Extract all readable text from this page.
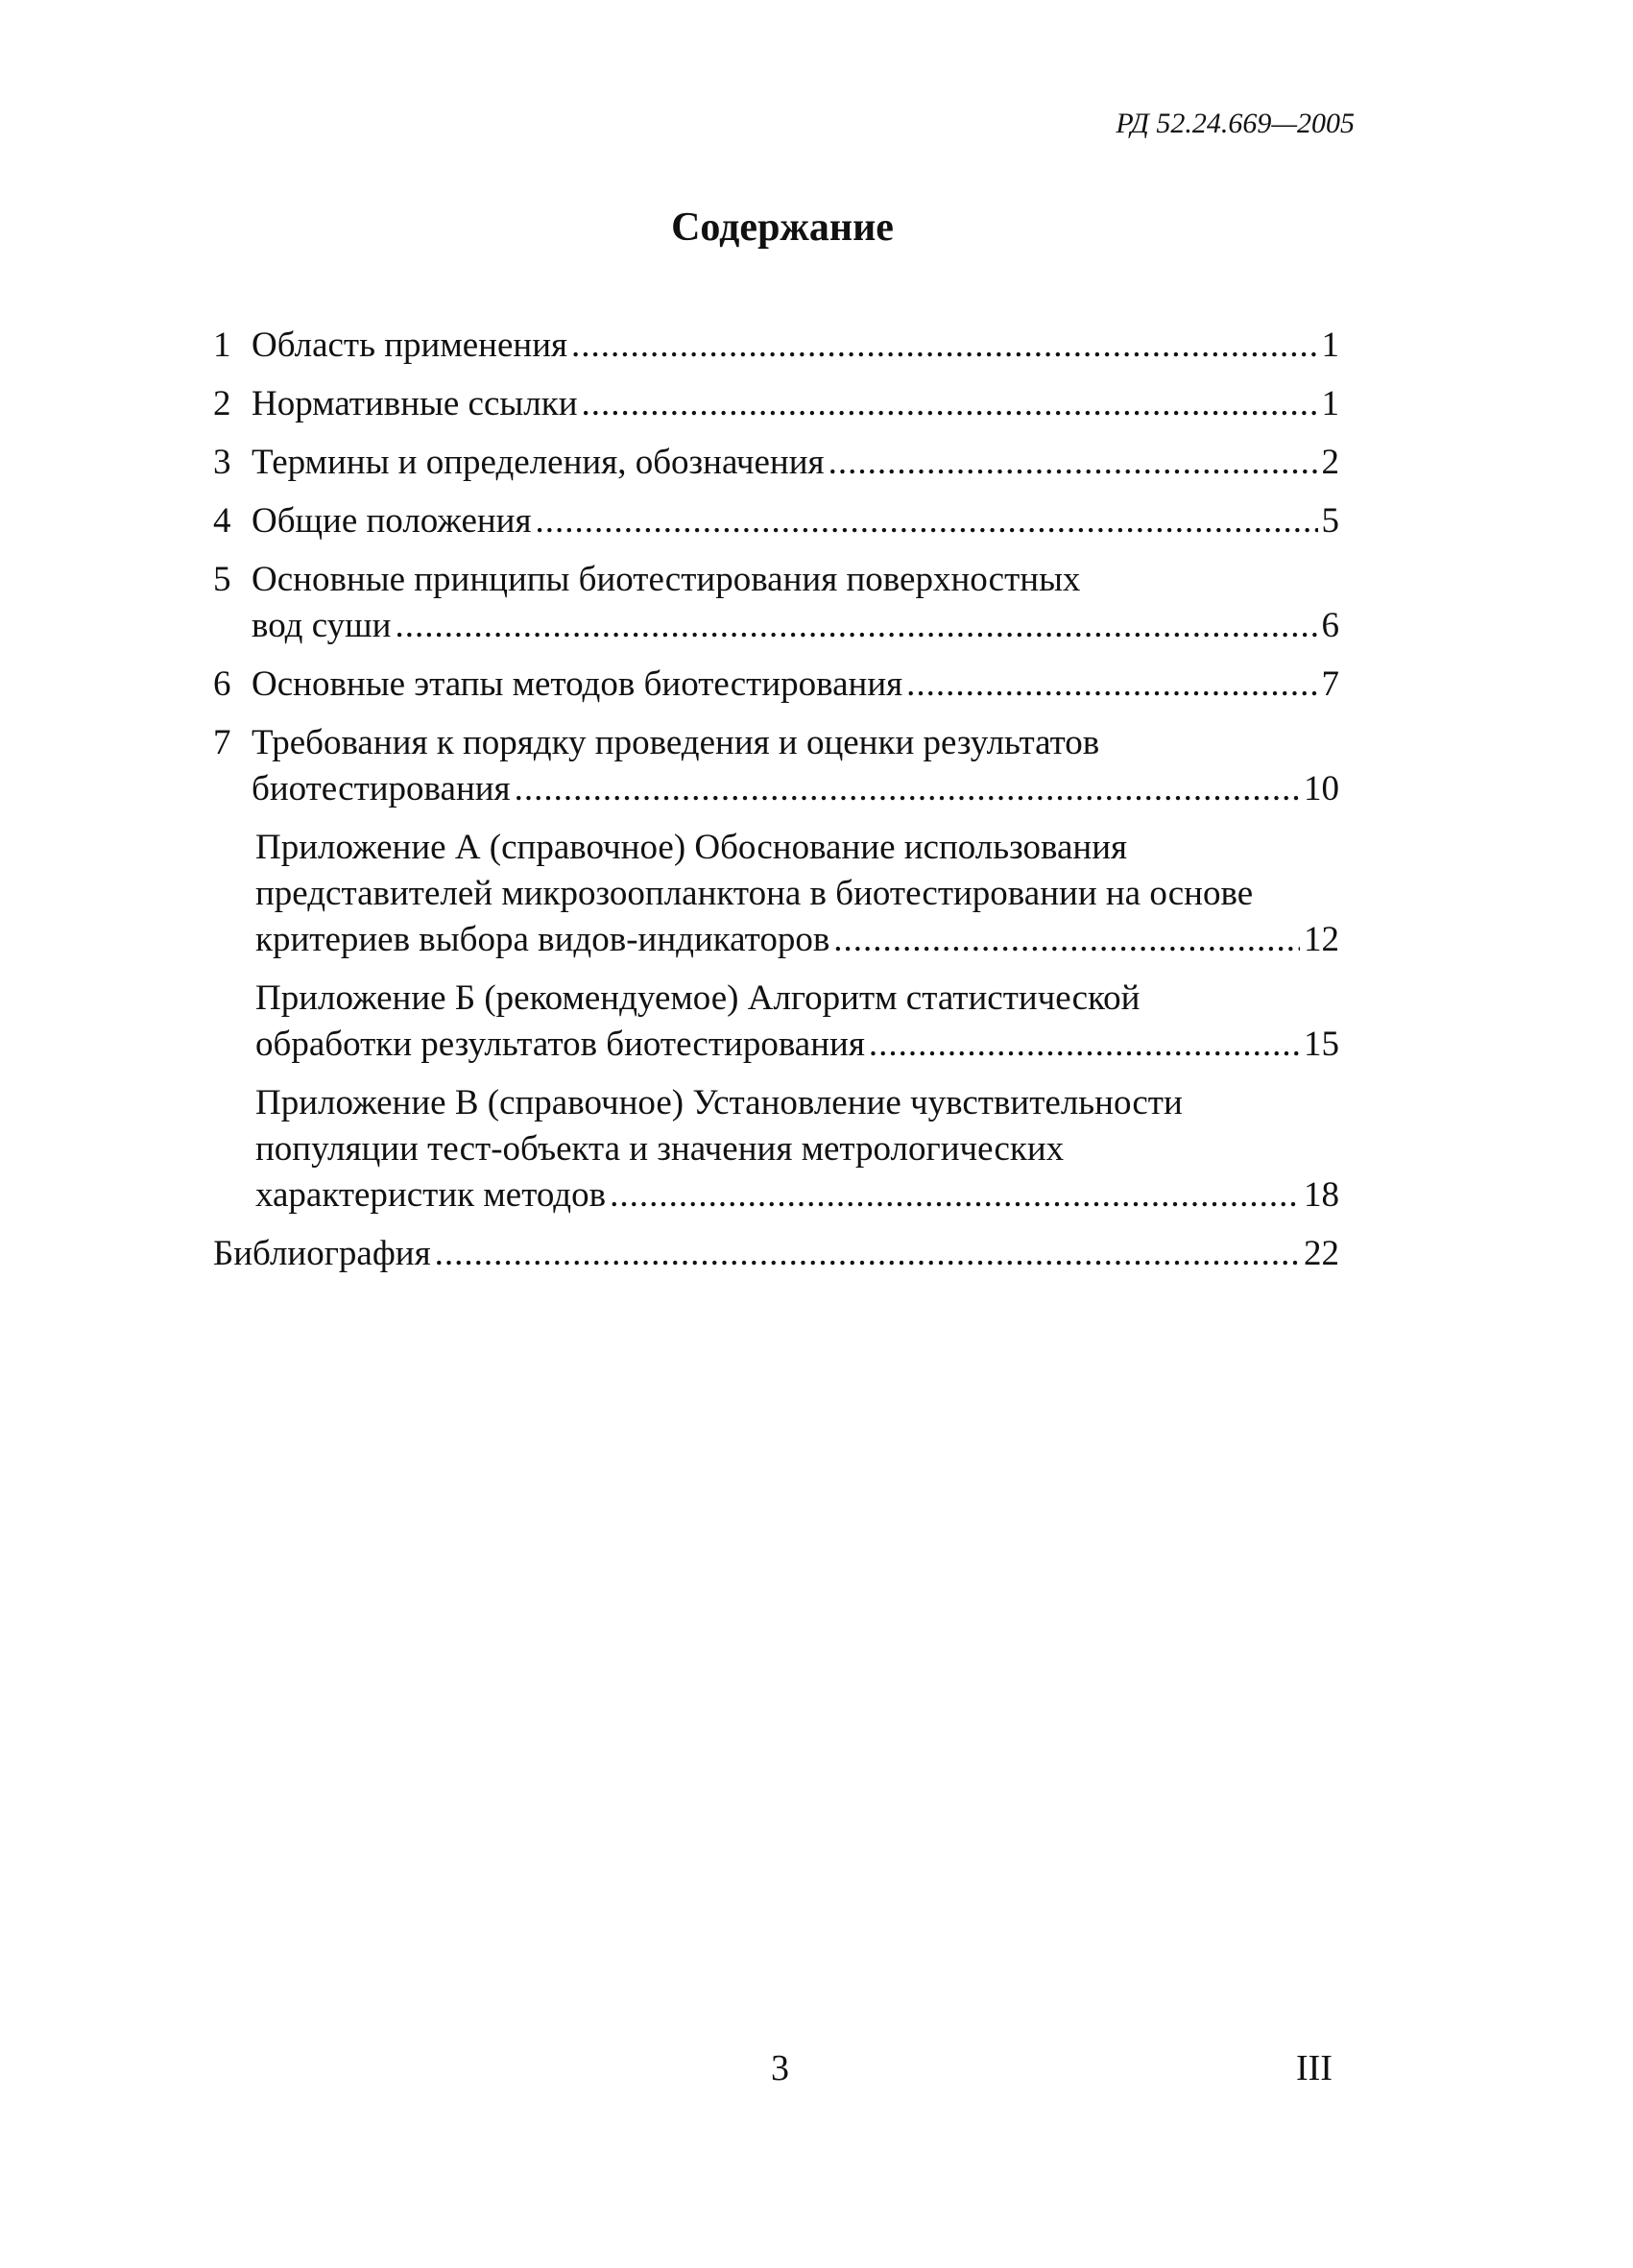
РД 52.24.669—2005
Содержание
1 Область применения .....	1
2 Нормативные ссылки .....	1
3 Термины и определения, обозначения .....	2
4 Общие положения .....	5
5 Основные принципы биотестирования поверхностных
вод суши .....	6
6 Основные этапы методов биотестирования .....	7
7 Требования к порядку проведения и оценки результатов
биотестирования .....	10
Приложение А (справочное) Обоснование использования
представителей микрозоопланктона в биотестировании на основе
критериев выбора видов-индикаторов .....	12
Приложение Б (рекомендуемое) Алгоритм статистической
обработки результатов биотестирования .....	15
Приложение В (справочное) Установление чувствительности
популяции тест-объекта и значения метрологических
характеристик методов .....	18
Библиография .....	22
3	III
